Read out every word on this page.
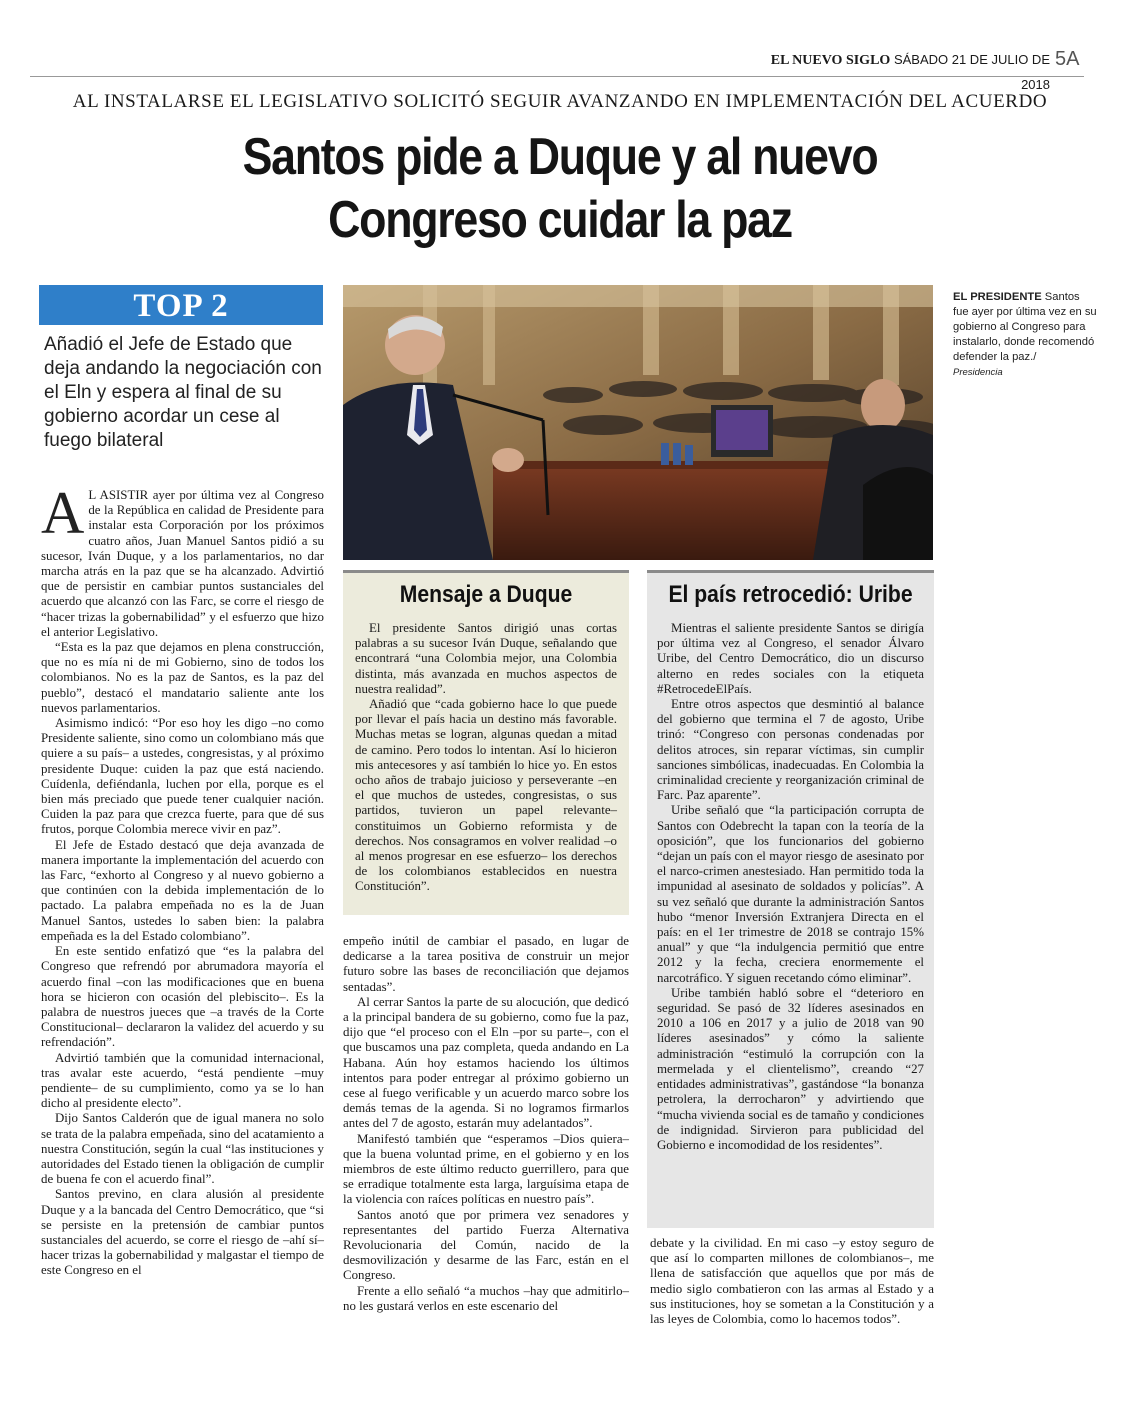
EL NUEVO SIGLO SÁBADO 21 DE JULIO DE 2018
5A
AL INSTALARSE EL LEGISLATIVO SOLICITÓ SEGUIR AVANZANDO EN IMPLEMENTACIÓN DEL ACUERDO
Santos pide a Duque y al nuevo
Congreso cuidar la paz
TOP 2
Añadió el Jefe de Estado que deja andando la negociación con el Eln y espera al final de su gobierno acordar un cese al fuego bilateral
EL PRESIDENTE Santos fue ayer por última vez en su gobierno al Congreso para instalarlo, donde recomendó defender la paz./
Presidencia

A L ASISTIR ayer por última vez al Congreso de la República en calidad de Presidente para instalar esta Corporación por los próximos cuatro años, Juan Manuel Santos pidió a su sucesor, Iván Duque, y a los parlamentarios, no dar marcha atrás en la paz que se ha alcanzado. Advirtió que de persistir en cambiar puntos sustanciales del acuerdo que alcanzó con las Farc, se corre el riesgo de “hacer trizas la gobernabilidad” y el esfuerzo que hizo el anterior Legislativo.

“Esta es la paz que dejamos en plena construcción, que no es mía ni de mi Gobierno, sino de todos los colombianos. No es la paz de Santos, es la paz del pueblo”, destacó el mandatario saliente ante los nuevos parlamentarios.

Asimismo indicó: “Por eso hoy les digo –no como Presidente saliente, sino como un colombiano más que quiere a su país– a ustedes, congresistas, y al próximo presidente Duque: cuiden la paz que está naciendo. Cuídenla, defiéndanla, luchen por ella, porque es el bien más preciado que puede tener cualquier nación. Cuiden la paz para que crezca fuerte, para que dé sus frutos, porque Colombia merece vivir en paz”.

El Jefe de Estado destacó que deja avanzada de manera importante la implementación del acuerdo con las Farc, “exhorto al Congreso y al nuevo gobierno a que continúen con la debida implementación de lo pactado. La palabra empeñada no es la de Juan Manuel Santos, ustedes lo saben bien: la palabra empeñada es la del Estado colombiano”.

En este sentido enfatizó que “es la palabra del Congreso que refrendó por abrumadora mayoría el acuerdo final –con las modificaciones que en buena hora se hicieron con ocasión del plebiscito–. Es la palabra de nuestros jueces que –a través de la Corte Constitucional– declararon la validez del acuerdo y su refrendación”.

Advirtió también que la comunidad internacional, tras avalar este acuerdo, “está pendiente –muy pendiente– de su cumplimiento, como ya se lo han dicho al presidente electo”.

Dijo Santos Calderón que de igual manera no solo se trata de la palabra empeñada, sino del acatamiento a nuestra Constitución, según la cual “las instituciones y autoridades del Estado tienen la obligación de cumplir de buena fe con el acuerdo final”.

Santos previno, en clara alusión al presidente Duque y a la bancada del Centro Democrático, que “si se persiste en la pretensión de cambiar puntos sustanciales del acuerdo, se corre el riesgo de –ahí sí– hacer trizas la gobernabilidad y malgastar el tiempo de este Congreso en el

Mensaje a Duque

El presidente Santos dirigió unas cortas palabras a su sucesor Iván Duque, señalando que encontrará “una Colombia mejor, una Colombia distinta, más avanzada en muchos aspectos de nuestra realidad”.

Añadió que “cada gobierno hace lo que puede por llevar el país hacia un destino más favorable. Muchas metas se logran, algunas quedan a mitad de camino. Pero todos lo intentan. Así lo hicieron mis antecesores y así también lo hice yo. En estos ocho años de trabajo juicioso y perseverante –en el que muchos de ustedes, congresistas, o sus partidos, tuvieron un papel relevante– constituimos un Gobierno reformista y de derechos. Nos consagramos en volver realidad –o al menos progresar en ese esfuerzo– los derechos de los colombianos establecidos en nuestra Constitución”.

empeño inútil de cambiar el pasado, en lugar de dedicarse a la tarea positiva de construir un mejor futuro sobre las bases de reconciliación que dejamos sentadas”.

Al cerrar Santos la parte de su alocución, que dedicó a la principal bandera de su gobierno, como fue la paz, dijo que “el proceso con el Eln –por su parte–, con el que buscamos una paz completa, queda andando en La Habana. Aún hoy estamos haciendo los últimos intentos para poder entregar al próximo gobierno un cese al fuego verificable y un acuerdo marco sobre los demás temas de la agenda. Si no logramos firmarlos antes del 7 de agosto, estarán muy adelantados”.

Manifestó también que “esperamos –Dios quiera– que la buena voluntad prime, en el gobierno y en los miembros de este último reducto guerrillero, para que se erradique totalmente esta larga, larguísima etapa de la violencia con raíces políticas en nuestro país”.

Santos anotó que por primera vez senadores y representantes del partido Fuerza Alternativa Revolucionaria del Común, nacido de la desmovilización y desarme de las Farc, están en el Congreso.

Frente a ello señaló “a muchos –hay que admitirlo– no les gustará verlos en este escenario del

El país retrocedió: Uribe

Mientras el saliente presidente Santos se dirigía por última vez al Congreso, el senador Álvaro Uribe, del Centro Democrático, dio un discurso alterno en redes sociales con la etiqueta #RetrocedeElPaís.

Entre otros aspectos que desmintió al balance del gobierno que termina el 7 de agosto, Uribe trinó: “Congreso con personas condenadas por delitos atroces, sin reparar víctimas, sin cumplir sanciones simbólicas, inadecuadas. En Colombia la criminalidad creciente y reorganización criminal de Farc. Paz aparente”.

Uribe señaló que “la participación corrupta de Santos con Odebrecht la tapan con la teoría de la oposición”, que los funcionarios del gobierno “dejan un país con el mayor riesgo de asesinato por el narco-crimen anestesiado. Han permitido toda la impunidad al asesinato de soldados y policías”. A su vez señaló que durante la administración Santos hubo “menor Inversión Extranjera Directa en el país: en el 1er trimestre de 2018 se contrajo 15% anual” y que “la indulgencia permitió que entre 2012 y la fecha, creciera enormemente el narcotráfico. Y siguen recetando cómo eliminar”.

Uribe también habló sobre el “deterioro en seguridad. Se pasó de 32 líderes asesinados en 2010 a 106 en 2017 y a julio de 2018 van 90 líderes asesinados” y cómo la saliente administración “estimuló la corrupción con la mermelada y el clientelismo”, creando “27 entidades administrativas”, gastándose “la bonanza petrolera, la derrocharon” y advirtiendo que “mucha vivienda social es de tamaño y condiciones de indignidad. Sirvieron para publicidad del Gobierno e incomodidad de los residentes”.

debate y la civilidad. En mi caso –y estoy seguro de que así lo comparten millones de colombianos–, me llena de satisfacción que aquellos que por más de medio siglo combatieron con las armas al Estado y a sus instituciones, hoy se sometan a la Constitución y a las leyes de Colombia, como lo hacemos todos”.
